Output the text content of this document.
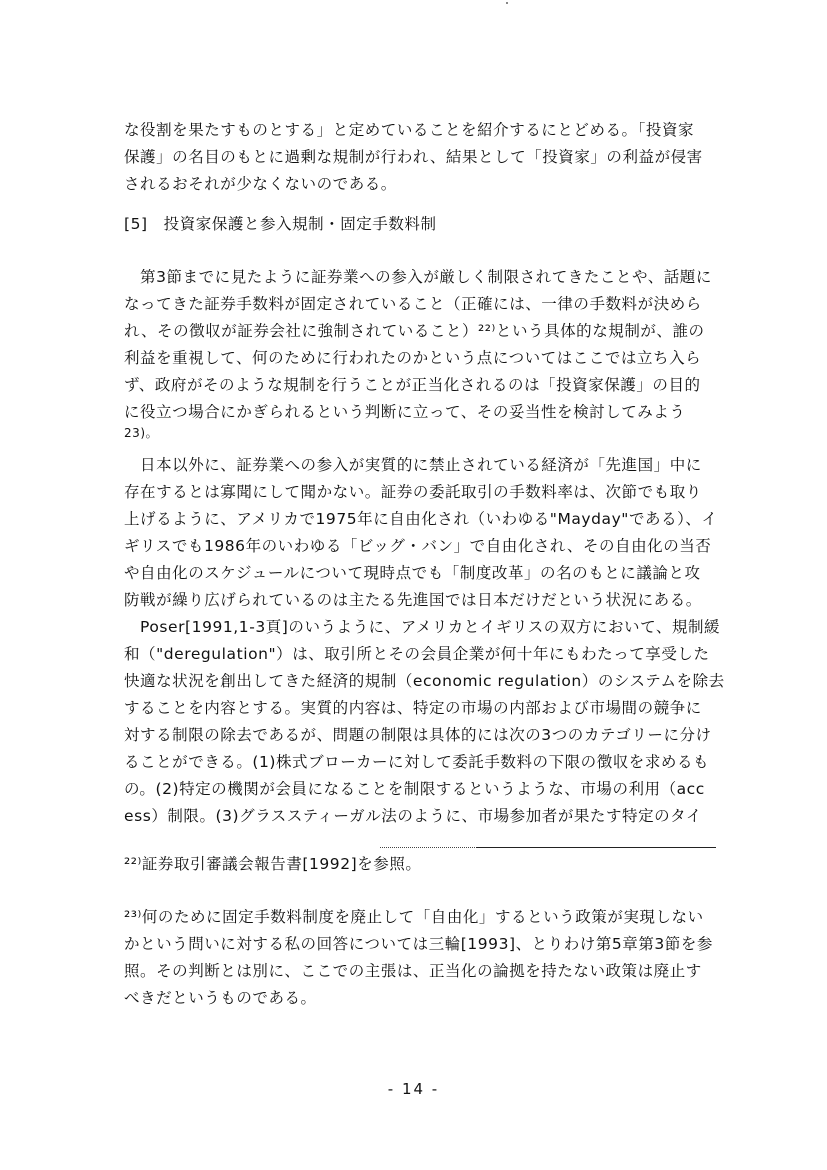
な役割を果たすものとする」と定めていることを紹介するにとどめる。「投資家
保護」の名目のもとに過剰な規制が行われ、結果として「投資家」の利益が侵害
されるおそれが少なくないのである。
[5]　投資家保護と参入規制・固定手数料制
　第3節までに見たように証券業への参入が厳しく制限されてきたことや、話題に
なってきた証券手数料が固定されていること（正確には、一律の手数料が決めら
れ、その徴収が証券会社に強制されていること）²²⁾という具体的な規制が、誰の
利益を重視して、何のために行われたのかという点についてはここでは立ち入ら
ず、政府がそのような規制を行うことが正当化されるのは「投資家保護」の目的
に役立つ場合にかぎられるという判断に立って、その妥当性を検討してみよう
23)。
　日本以外に、証券業への参入が実質的に禁止されている経済が「先進国」中に
存在するとは寡聞にして聞かない。証券の委託取引の手数料率は、次節でも取り
上げるように、アメリカで1975年に自由化され（いわゆる"Mayday"である）、イ
ギリスでも1986年のいわゆる「ビッグ・バン」で自由化され、その自由化の当否
や自由化のスケジュールについて現時点でも「制度改革」の名のもとに議論と攻
防戦が繰り広げられているのは主たる先進国では日本だけだという状況にある。
　Poser[1991,1-3頁]のいうように、アメリカとイギリスの双方において、規制緩
和（"deregulation"）は、取引所とその会員企業が何十年にもわたって享受した
快適な状況を創出してきた経済的規制（economic regulation）のシステムを除去
することを内容とする。実質的内容は、特定の市場の内部および市場間の競争に
対する制限の除去であるが、問題の制限は具体的には次の3つのカテゴリーに分け
ることができる。(1)株式ブローカーに対して委託手数料の下限の徴収を求めるも
の。(2)特定の機関が会員になることを制限するというような、市場の利用（acc
ess）制限。(3)グラススティーガル法のように、市場参加者が果たす特定のタイ
²²⁾証券取引審議会報告書[1992]を参照。
²³⁾何のために固定手数料制度を廃止して「自由化」するという政策が実現しない
かという問いに対する私の回答については三輪[1993]、とりわけ第5章第3節を参
照。その判断とは別に、ここでの主張は、正当化の論拠を持たない政策は廃止す
べきだというものである。
- 14 -
